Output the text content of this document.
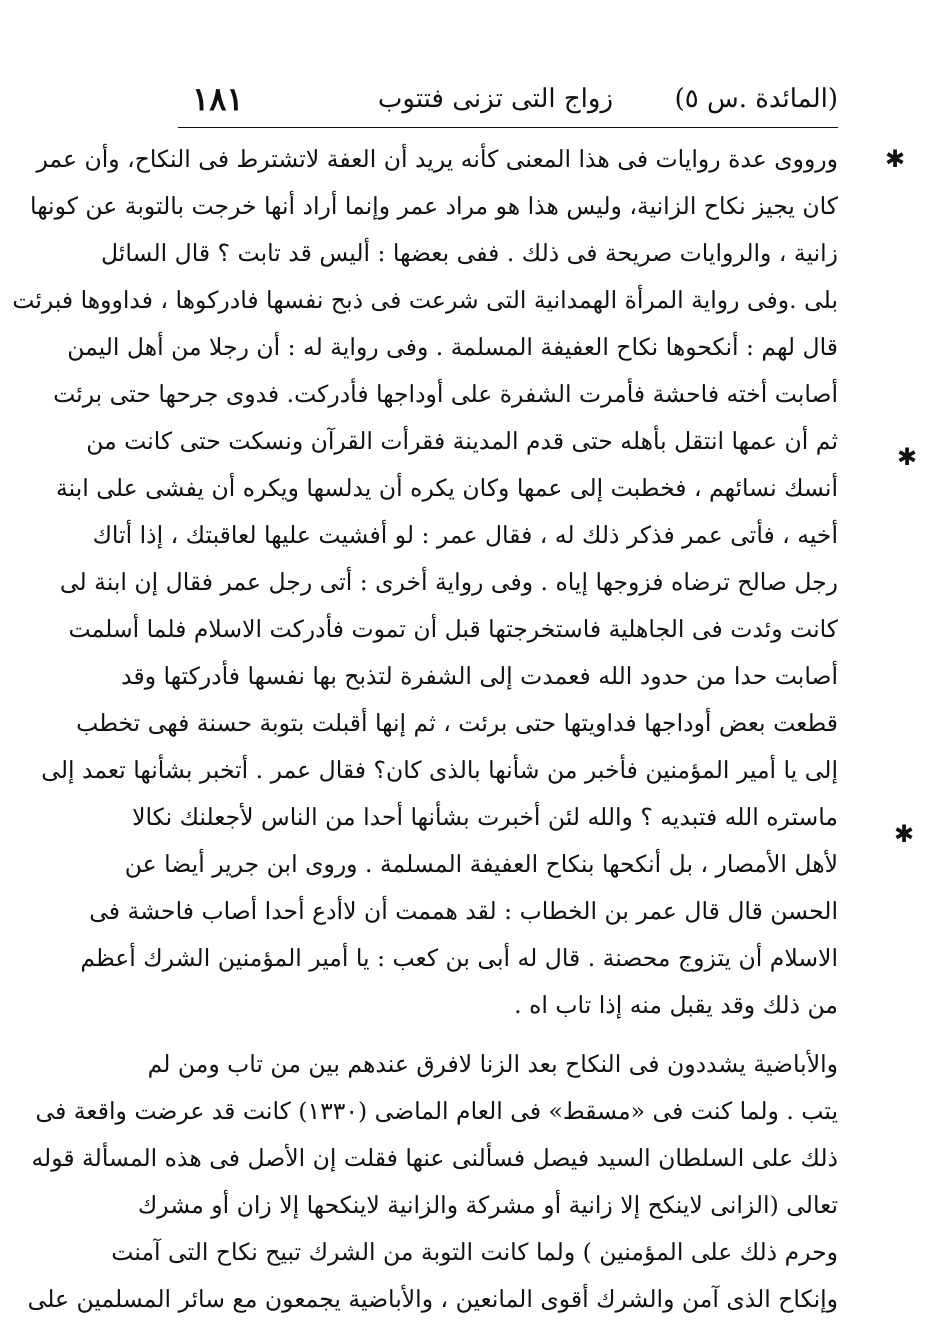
(المائدة .س ٥)
زواج التى تزنى فتتوب
١٨١
✱
✱
✱
ورووى عدة روايات فى هذا المعنى كأنه يريد أن العفة لاتشترط فى النكاح، وأن عمر
كان يجيز نكاح الزانية، وليس هذا هو مراد عمر وإنما أراد أنها خرجت بالتوبة عن كونها
زانية ، والروايات صريحة فى ذلك . ففى بعضها : أليس قد تابت ؟ قال السائل
بلى .وفى رواية المرأة الهمدانية التى شرعت فى ذبح نفسها فادركوها ، فداووها فبرئت
قال لهم : أنكحوها نكاح العفيفة المسلمة . وفى رواية له : أن رجلا من أهل اليمن
أصابت أخته فاحشة فأمرت الشفرة على أوداجها فأدركت. فدوى جرحها حتى برئت
ثم أن عمها انتقل بأهله حتى قدم المدينة فقرأت القرآن ونسكت حتى كانت من
أنسك نسائهم ، فخطبت إلى عمها وكان يكره أن يدلسها ويكره أن يفشى على ابنة
أخيه ، فأتى عمر فذكر ذلك له ، فقال عمر : لو أفشيت عليها لعاقبتك ، إذا أتاك
رجل صالح ترضاه فزوجها إياه . وفى رواية أخرى : أتى رجل عمر فقال إن ابنة لى
كانت وئدت فى الجاهلية فاستخرجتها قبل أن تموت فأدركت الاسلام فلما أسلمت
أصابت حدا من حدود الله فعمدت إلى الشفرة لتذبح بها نفسها فأدركتها وقد
قطعت بعض أوداجها فداويتها حتى برئت ، ثم إنها أقبلت بتوبة حسنة فهى تخطب
إلى يا أمير المؤمنين فأخبر من شأنها بالذى كان؟ فقال عمر . أتخبر بشأنها تعمد إلى
ماستره الله فتبديه ؟ والله لئن أخبرت بشأنها أحدا من الناس لأجعلنك نكالا
لأهل الأمصار ، بل أنكحها بنكاح العفيفة المسلمة . وروى ابن جرير أيضا عن
الحسن قال قال عمر بن الخطاب : لقد هممت أن لاأدع أحدا أصاب فاحشة فى
الاسلام أن يتزوج محصنة . قال له أبى بن كعب : يا أمير المؤمنين الشرك أعظم
من ذلك وقد يقبل منه إذا تاب اه .
والأباضية يشددون فى النكاح بعد الزنا لافرق عندهم بين من تاب ومن لم
يتب . ولما كنت فى «مسقط» فى العام الماضى (١٣٣٠) كانت قد عرضت واقعة فى
ذلك على السلطان السيد فيصل فسألنى عنها فقلت إن الأصل فى هذه المسألة قوله
تعالى (الزانى لاينكح إلا زانية أو مشركة والزانية لاينكحها إلا زان أو مشرك
وحرم ذلك على المؤمنين ) ولما كانت التوبة من الشرك تبيح نكاح التى آمنت
وإنكاح الذى آمن والشرك أقوى المانعين ، والأباضية يجمعون مع سائر المسلمين على
